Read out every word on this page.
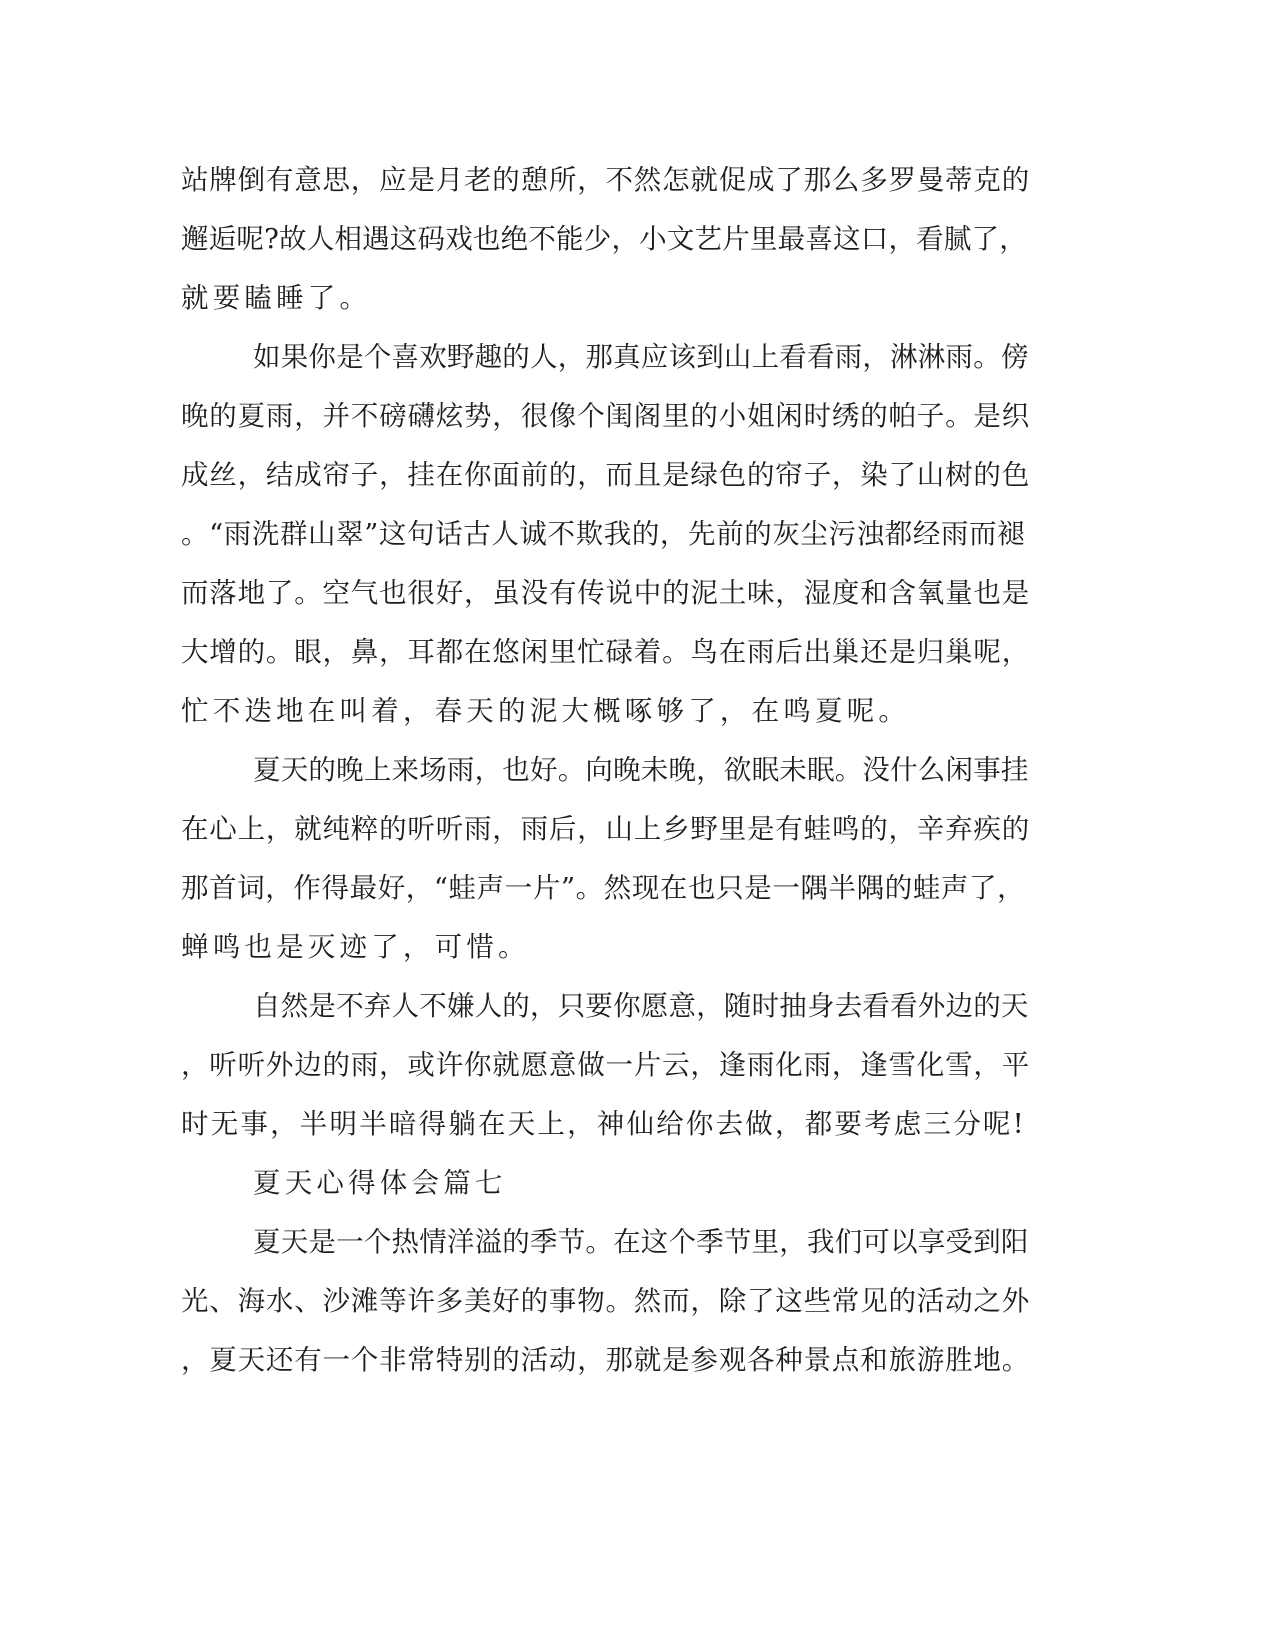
站牌倒有意思，应是月老的憩所，不然怎就促成了那么多罗曼蒂克的
邂逅呢?故人相遇这码戏也绝不能少，小文艺片里最喜这口，看腻了，
就要瞌睡了。
如果你是个喜欢野趣的人，那真应该到山上看看雨，淋淋雨。傍
晚的夏雨，并不磅礴炫势，很像个闺阁里的小姐闲时绣的帕子。是织
成丝，结成帘子，挂在你面前的，而且是绿色的帘子，染了山树的色
。“雨洗群山翠”这句话古人诚不欺我的，先前的灰尘污浊都经雨而褪
而落地了。空气也很好，虽没有传说中的泥土味，湿度和含氧量也是
大增的。眼，鼻，耳都在悠闲里忙碌着。鸟在雨后出巢还是归巢呢，
忙不迭地在叫着，春天的泥大概啄够了，在鸣夏呢。
夏天的晚上来场雨，也好。向晚未晚，欲眠未眠。没什么闲事挂
在心上，就纯粹的听听雨，雨后，山上乡野里是有蛙鸣的，辛弃疾的
那首词，作得最好，“蛙声一片”。然现在也只是一隅半隅的蛙声了，
蝉鸣也是灭迹了，可惜。
自然是不弃人不嫌人的，只要你愿意，随时抽身去看看外边的天
，听听外边的雨，或许你就愿意做一片云，逢雨化雨，逢雪化雪，平
时无事，半明半暗得躺在天上，神仙给你去做，都要考虑三分呢!
夏天心得体会篇七
夏天是一个热情洋溢的季节。在这个季节里，我们可以享受到阳
光、海水、沙滩等许多美好的事物。然而，除了这些常见的活动之外
，夏天还有一个非常特别的活动，那就是参观各种景点和旅游胜地。
